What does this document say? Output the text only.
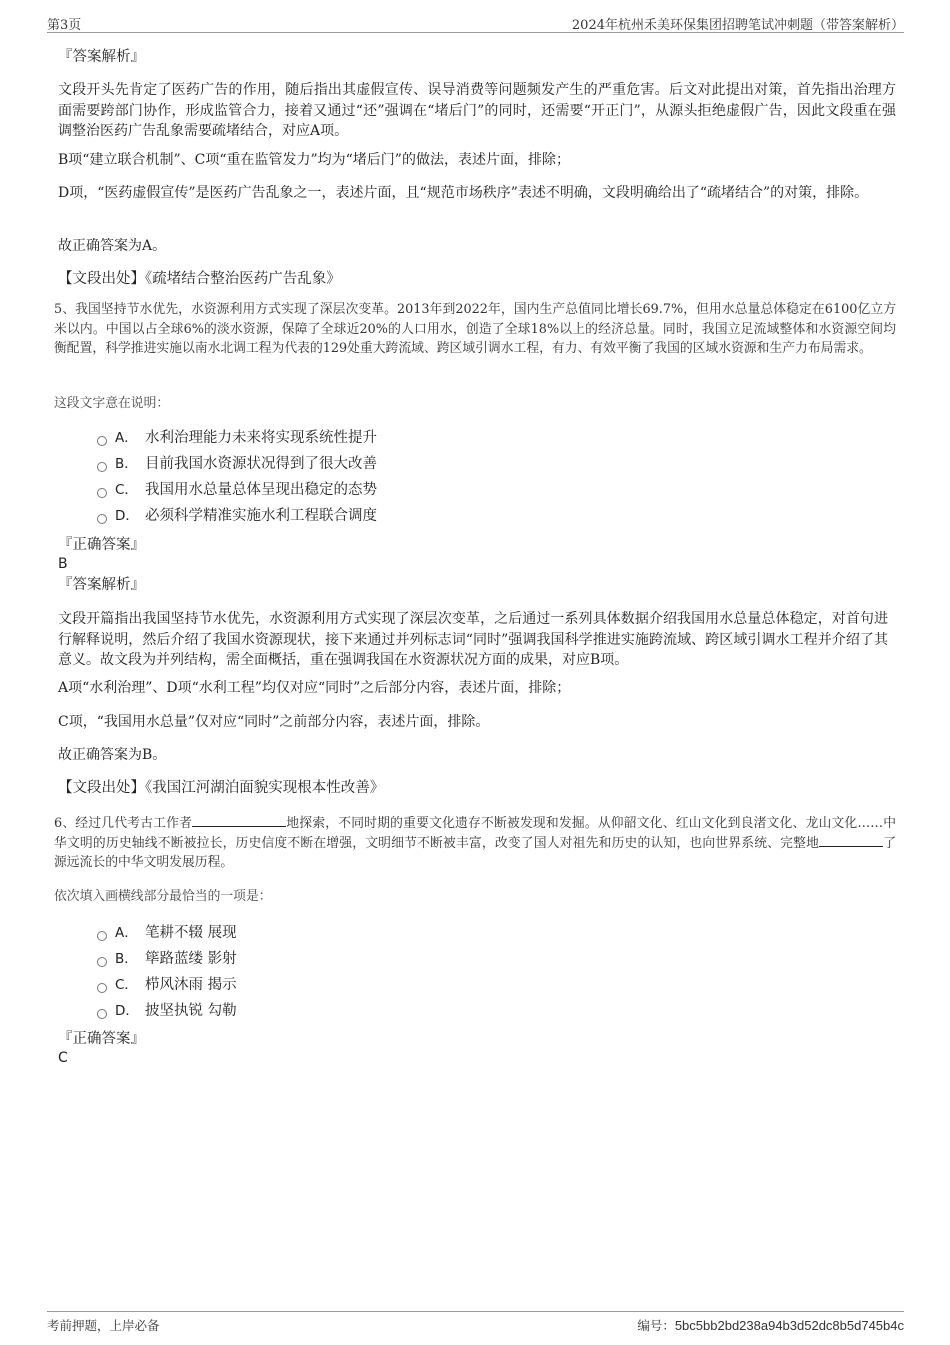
第3页	2024年杭州禾美环保集团招聘笔试冲刺题（带答案解析）
『答案解析』
文段开头先肯定了医药广告的作用，随后指出其虚假宣传、误导消费等问题频发产生的严重危害。后文对此提出对策，首先指出治理方面需要跨部门协作，形成监管合力，接着又通过“还”强调在“堵后门”的同时，还需要“开正门”，从源头拒绝虚假广告，因此文段重在强调整治医药广告乱象需要疏堵结合，对应A项。
B项“建立联合机制”、C项“重在监管发力”均为“堵后门”的做法，表述片面，排除；
D项，“医药虚假宣传”是医药广告乱象之一，表述片面，且“规范市场秩序”表述不明确，文段明确给出了“疏堵结合”的对策，排除。
故正确答案为A。
【文段出处】《疏堵结合整治医药广告乱象》
5、我国坚持节水优先，水资源利用方式实现了深层次变革。2013年到2022年，国内生产总值同比增长69.7%，但用水总量总体稳定在6100亿立方米以内。中国以占全球6%的淡水资源，保障了全球近20%的人口用水，创造了全球18%以上的经济总量。同时，我国立足流域整体和水资源空间均衡配置，科学推进实施以南水北调工程为代表的129处重大跨流域、跨区域引调水工程，有力、有效平衡了我国的区域水资源和生产力布局需求。
这段文字意在说明：
A． 水利治理能力未来将实现系统性提升
B． 目前我国水资源状况得到了很大改善
C． 我国用水总量总体呈现出稳定的态势
D． 必须科学精准实施水利工程联合调度
『正确答案』
B
『答案解析』
文段开篇指出我国坚持节水优先，水资源利用方式实现了深层次变革，之后通过一系列具体数据介绍我国用水总量总体稳定，对首句进行解释说明，然后介绍了我国水资源现状，接下来通过并列标志词“同时”强调我国科学推进实施跨流域、跨区域引调水工程并介绍了其意义。故文段为并列结构，需全面概括，重在强调我国在水资源状况方面的成果，对应B项。
A项“水利治理”、D项“水利工程”均仅对应“同时”之后部分内容，表述片面，排除；
C项，“我国用水总量”仅对应“同时”之前部分内容，表述片面，排除。
故正确答案为B。
【文段出处】《我国江河湖泊面貌实现根本性改善》
6、经过几代考古工作者	地探索，不同时期的重要文化遗存不断被发现和发掘。从仰韶文化、红山文化到良渚文化、龙山文化……中华文明的历史轴线不断被拉长，历史信度不断在增强，文明细节不断被丰富，改变了国人对祖先和历史的认知，也向世界系统、完整地	了源远流长的中华文明发展历程。
依次填入画横线部分最恰当的一项是：
A． 笔耕不辍 展现
B． 筚路蓝缕 影射
C． 栉风沐雨 揭示
D． 披坚执锐 勾勒
『正确答案』
C
考前押题，上岸必备	编号：5bc5bb2bd238a94b3d52dc8b5d745b4c
